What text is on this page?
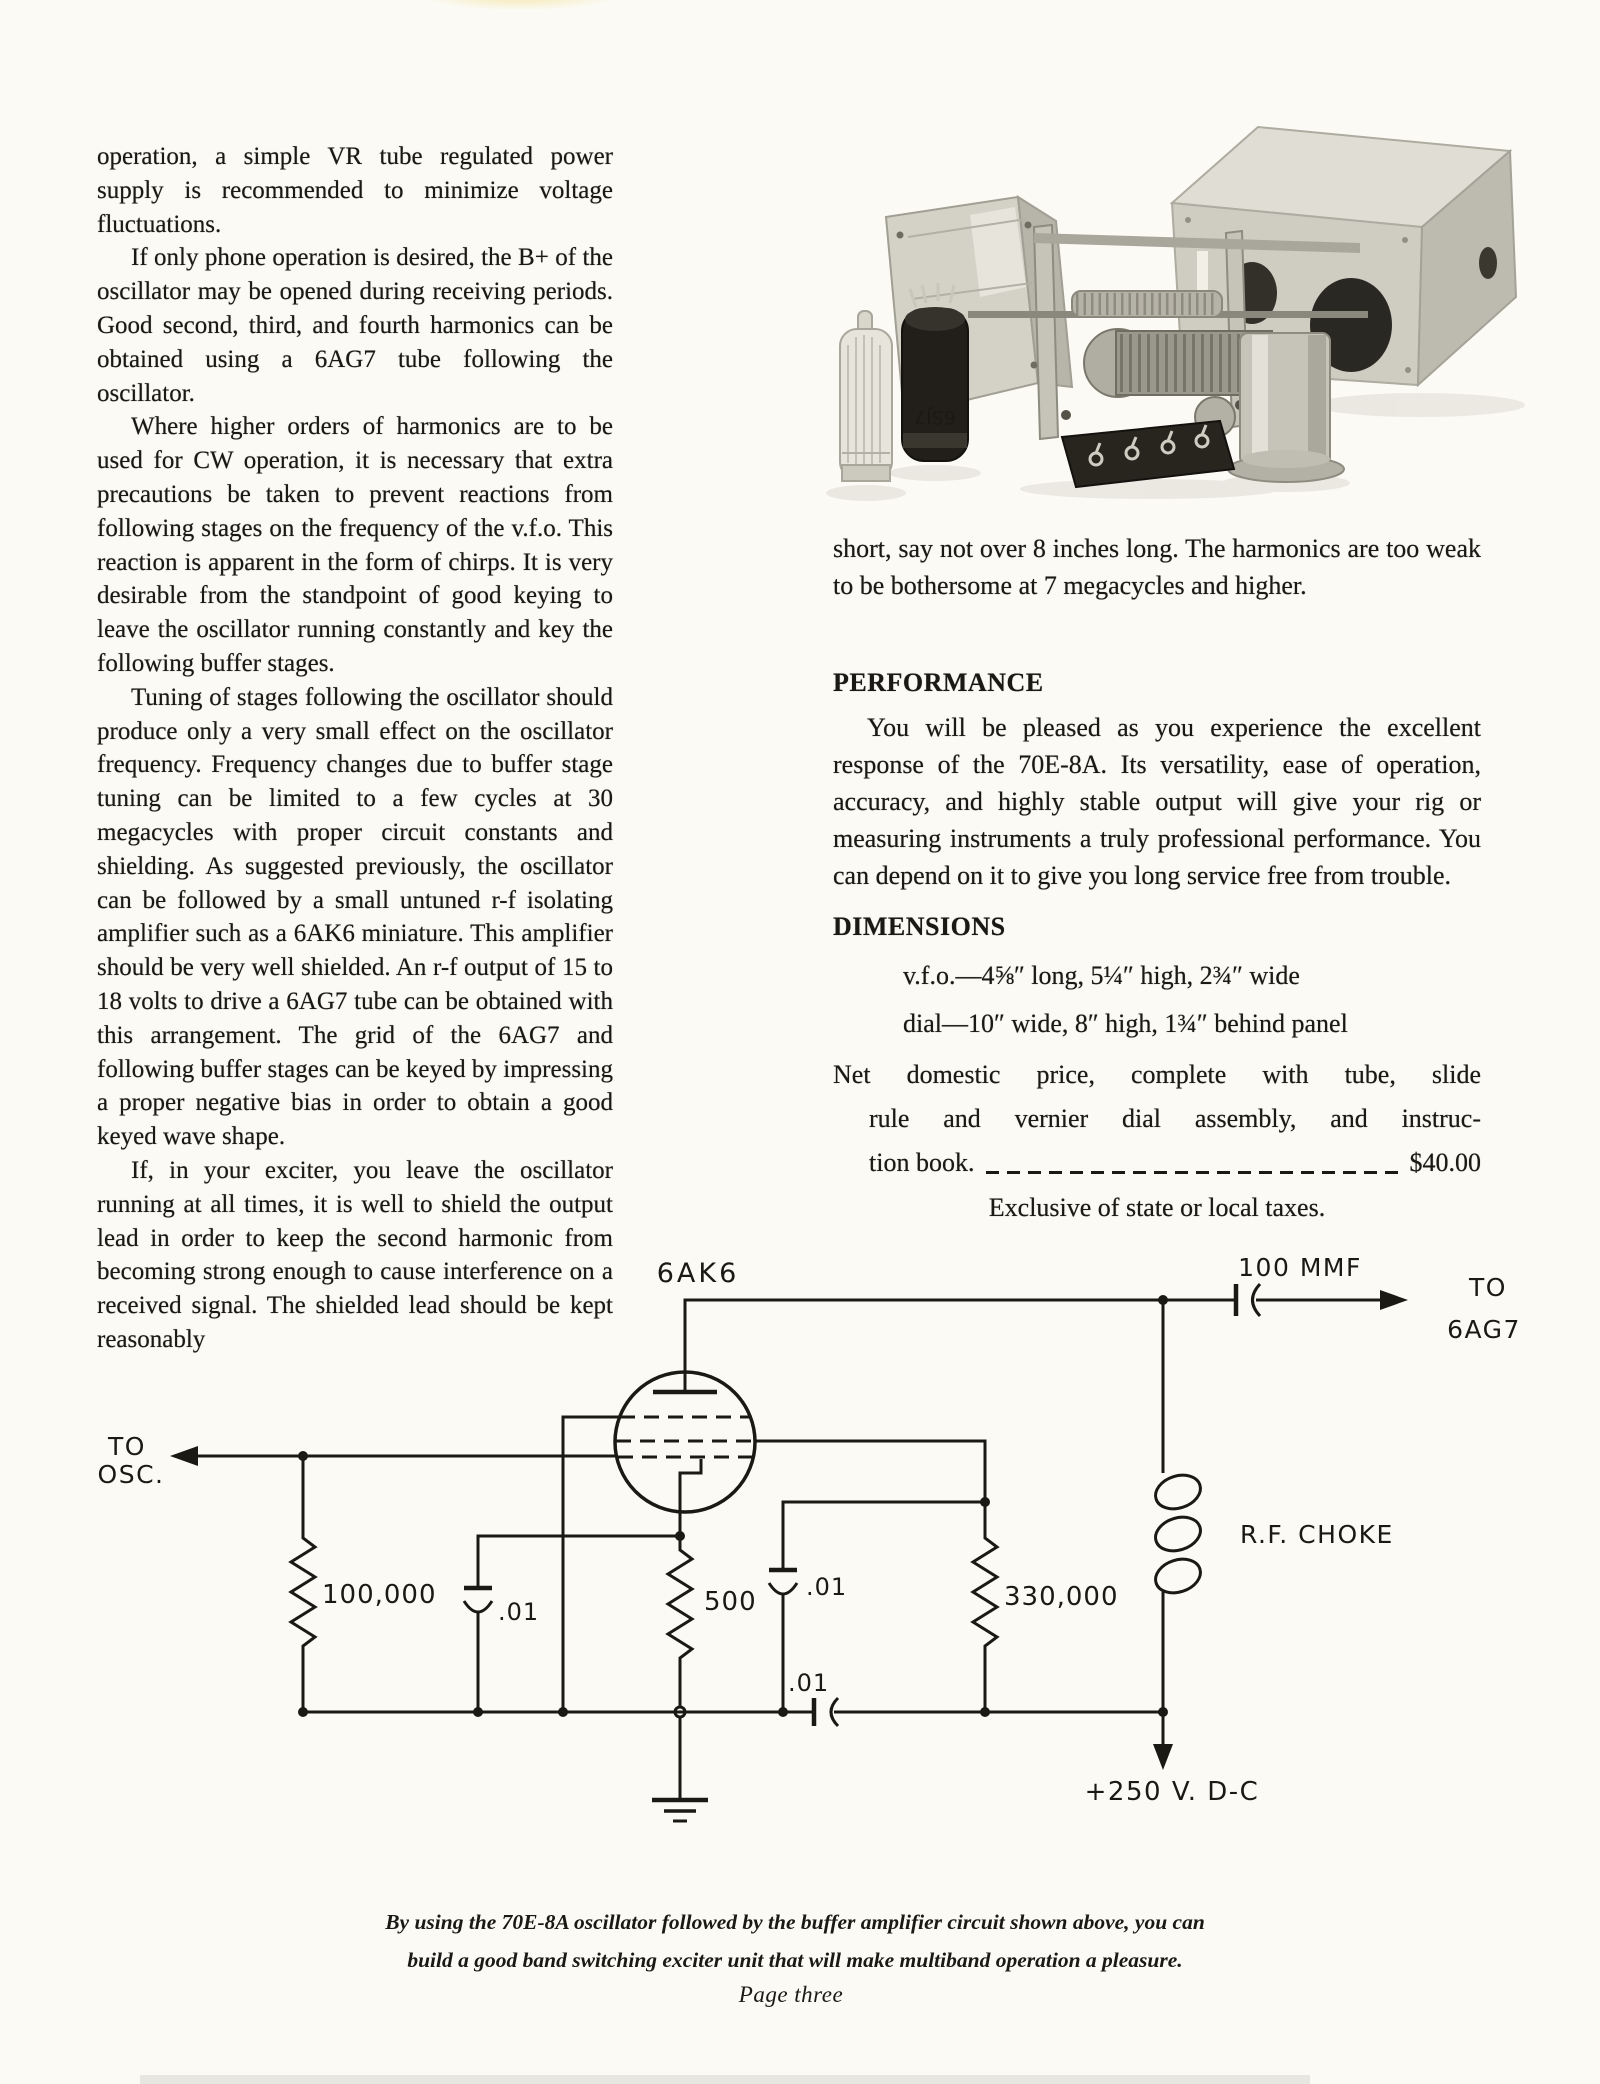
operation, a simple VR tube regulated power supply is recommended to minimize voltage fluctuations.

If only phone operation is desired, the B+ of the oscillator may be opened during receiving periods. Good second, third, and fourth harmonics can be obtained using a 6AG7 tube following the oscillator.

Where higher orders of harmonics are to be used for CW operation, it is necessary that extra precautions be taken to prevent reactions from following stages on the frequency of the v.f.o. This reaction is apparent in the form of chirps. It is very desirable from the standpoint of good keying to leave the oscillator running constantly and key the following buffer stages.

Tuning of stages following the oscillator should produce only a very small effect on the oscillator frequency. Frequency changes due to buffer stage tuning can be limited to a few cycles at 30 megacycles with proper circuit constants and shielding. As suggested previously, the oscillator can be followed by a small untuned r-f isolating amplifier such as a 6AK6 miniature. This amplifier should be very well shielded. An r-f output of 15 to 18 volts to drive a 6AG7 tube can be obtained with this arrangement. The grid of the 6AG7 and following buffer stages can be keyed by impressing a proper negative bias in order to obtain a good keyed wave shape.

If, in your exciter, you leave the oscillator running at all times, it is well to shield the output lead in order to keep the second harmonic from becoming strong enough to cause interference on a received signal. The shielded lead should be kept reasonably

6SJ7

short, say not over 8 inches long. The harmonics are too weak to be bothersome at 7 megacycles and higher.

PERFORMANCE

You will be pleased as you experience the excellent response of the 70E-8A. Its versatility, ease of operation, accuracy, and highly stable output will give your rig or measuring instruments a truly professional performance. You can depend on it to give you long service free from trouble.

DIMENSIONS

v.f.o.—4⅝″ long, 5¼″ high, 2¾″ wide

dial—10″ wide, 8″ high, 1¾″ behind panel

Net domestic price, complete with tube, slide

rule and vernier dial assembly, and instruc-

tion book.	$40.00

Exclusive of state or local taxes.

6AK6	100 MMF
TO
6AG7
TO
OSC.
100,000
.01	500 .01	330,000
.01
R.F. CHOKE
+250 V. D-C

By using the 70E-8A oscillator followed by the buffer amplifier circuit shown above, you can

build a good band switching exciter unit that will make multiband operation a pleasure.

Page three
